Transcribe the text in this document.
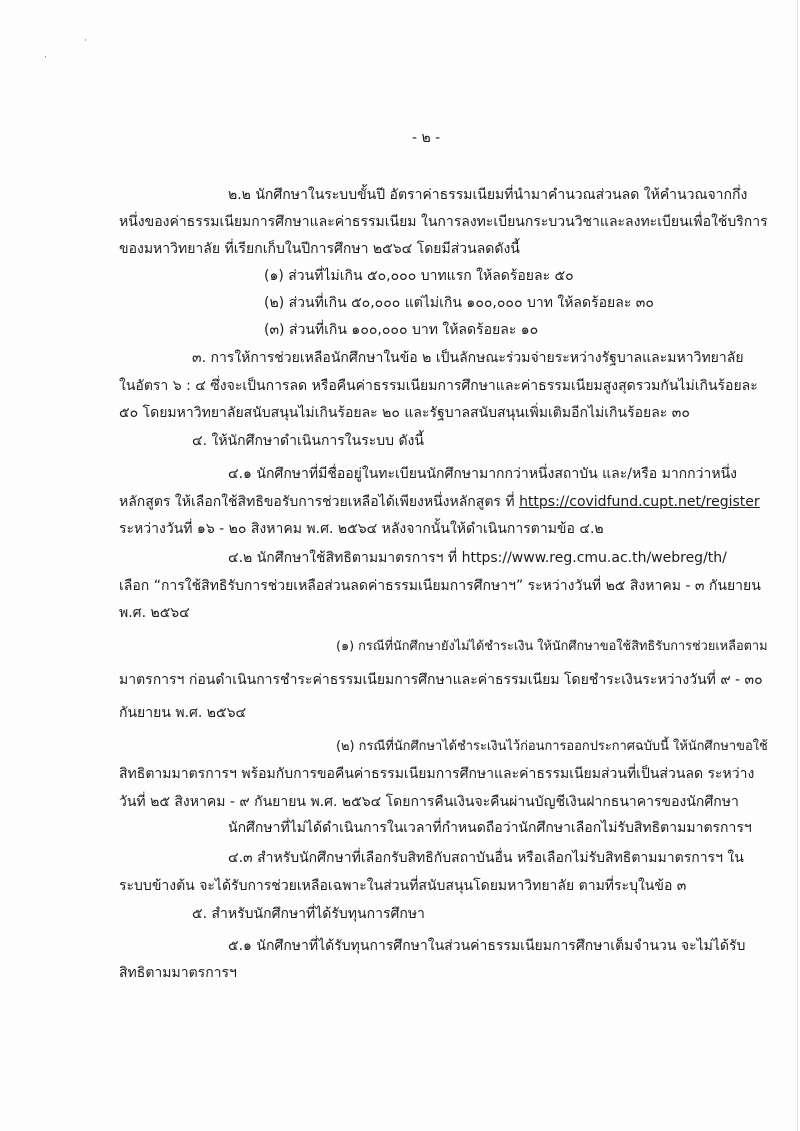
·
·
- ๒ -
๒.๒ นักศึกษาในระบบขั้นปี อัตราค่าธรรมเนียมที่นำมาคำนวณส่วนลด ให้คำนวณจากกึ่ง
หนึ่งของค่าธรรมเนียมการศึกษาและค่าธรรมเนียม ในการลงทะเบียนกระบวนวิชาและลงทะเบียนเพื่อใช้บริการ
ของมหาวิทยาลัย ที่เรียกเก็บในปีการศึกษา ๒๕๖๔ โดยมีส่วนลดดังนี้
(๑) ส่วนที่ไม่เกิน ๕๐,๐๐๐ บาทแรก ให้ลดร้อยละ ๕๐
(๒) ส่วนที่เกิน ๕๐,๐๐๐ แต่ไม่เกิน ๑๐๐,๐๐๐ บาท ให้ลดร้อยละ ๓๐
(๓) ส่วนที่เกิน ๑๐๐,๐๐๐ บาท ให้ลดร้อยละ ๑๐
๓. การให้การช่วยเหลือนักศึกษาในข้อ ๒ เป็นลักษณะร่วมจ่ายระหว่างรัฐบาลและมหาวิทยาลัย
ในอัตรา ๖ : ๔ ซึ่งจะเป็นการลด หรือคืนค่าธรรมเนียมการศึกษาและค่าธรรมเนียมสูงสุดรวมกันไม่เกินร้อยละ
๕๐ โดยมหาวิทยาลัยสนับสนุนไม่เกินร้อยละ ๒๐ และรัฐบาลสนับสนุนเพิ่มเติมอีกไม่เกินร้อยละ ๓๐
๔. ให้นักศึกษาดำเนินการในระบบ ดังนี้
๔.๑ นักศึกษาที่มีชื่ออยู่ในทะเบียนนักศึกษามากกว่าหนึ่งสถาบัน และ/หรือ มากกว่าหนึ่ง
หลักสูตร ให้เลือกใช้สิทธิขอรับการช่วยเหลือได้เพียงหนึ่งหลักสูตร ที่ https://covidfund.cupt.net/register
ระหว่างวันที่ ๑๖ - ๒๐ สิงหาคม พ.ศ. ๒๕๖๔ หลังจากนั้นให้ดำเนินการตามข้อ ๔.๒
๔.๒ นักศึกษาใช้สิทธิตามมาตรการฯ ที่ https://www.reg.cmu.ac.th/webreg/th/
เลือก “การใช้สิทธิรับการช่วยเหลือส่วนลดค่าธรรมเนียมการศึกษาฯ” ระหว่างวันที่ ๒๕ สิงหาคม - ๓ กันยายน
พ.ศ. ๒๕๖๔
(๑) กรณีที่นักศึกษายังไม่ได้ชำระเงิน ให้นักศึกษาขอใช้สิทธิรับการช่วยเหลือตาม
มาตรการฯ ก่อนดำเนินการชำระค่าธรรมเนียมการศึกษาและค่าธรรมเนียม โดยชำระเงินระหว่างวันที่ ๙ - ๓๐
กันยายน พ.ศ. ๒๕๖๔
(๒) กรณีที่นักศึกษาได้ชำระเงินไว้ก่อนการออกประกาศฉบับนี้ ให้นักศึกษาขอใช้
สิทธิตามมาตรการฯ พร้อมกับการขอคืนค่าธรรมเนียมการศึกษาและค่าธรรมเนียมส่วนที่เป็นส่วนลด ระหว่าง
วันที่ ๒๕ สิงหาคม - ๙ กันยายน พ.ศ. ๒๕๖๔ โดยการคืนเงินจะคืนผ่านบัญชีเงินฝากธนาคารของนักศึกษา
นักศึกษาที่ไม่ได้ดำเนินการในเวลาที่กำหนดถือว่านักศึกษาเลือกไม่รับสิทธิตามมาตรการฯ
๔.๓ สำหรับนักศึกษาที่เลือกรับสิทธิกับสถาบันอื่น หรือเลือกไม่รับสิทธิตามมาตรการฯ ใน
ระบบข้างต้น จะได้รับการช่วยเหลือเฉพาะในส่วนที่สนับสนุนโดยมหาวิทยาลัย ตามที่ระบุในข้อ ๓
๕. สำหรับนักศึกษาที่ได้รับทุนการศึกษา
๕.๑ นักศึกษาที่ได้รับทุนการศึกษาในส่วนค่าธรรมเนียมการศึกษาเต็มจำนวน จะไม่ได้รับ
สิทธิตามมาตรการฯ
